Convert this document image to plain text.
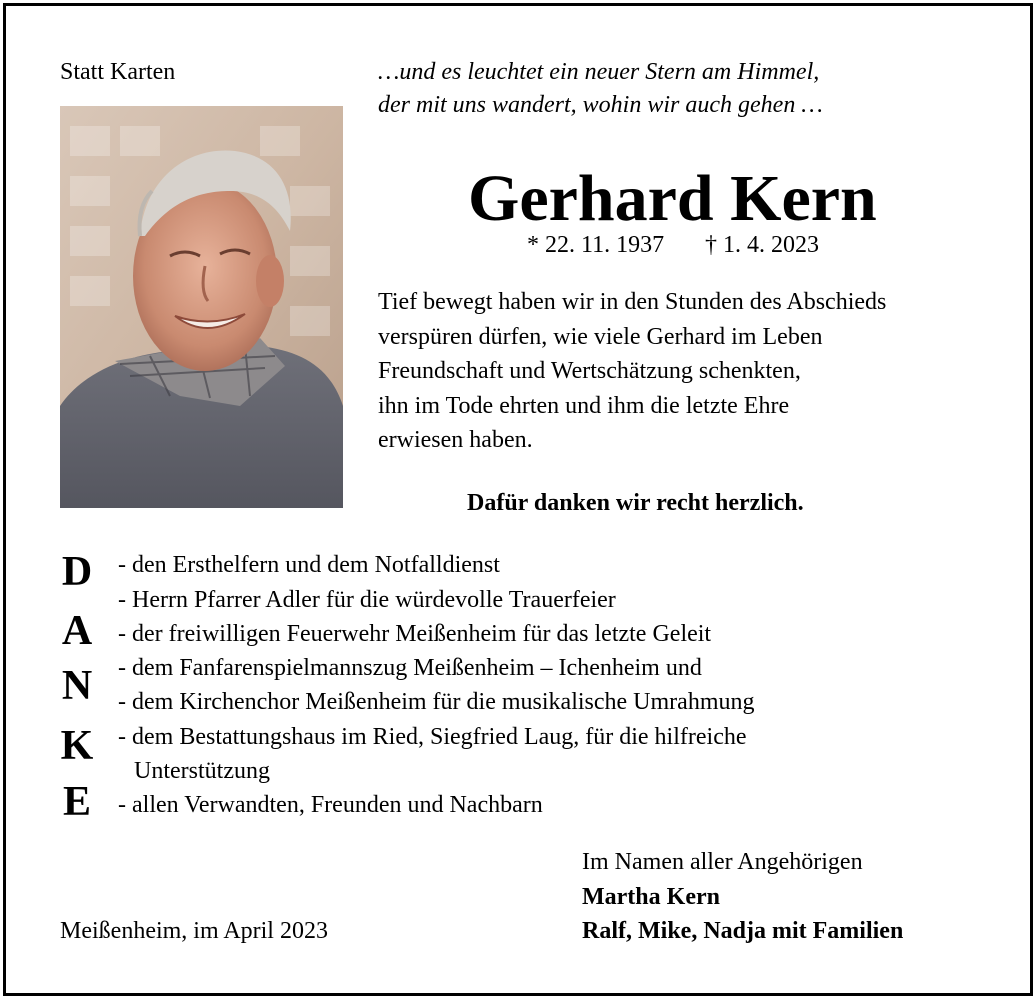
Statt Karten	…und es leuchtet ein neuer Stern am Himmel,
der mit uns wandert, wohin wir auch gehen …
Gerhard Kern
* 22. 11. 1937 † 1. 4. 2023
Tief bewegt haben wir in den Stunden des Abschieds
verspüren dürfen, wie viele Gerhard im Leben
Freundschaft und Wertschätzung schenkten,
ihn im Tode ehrten und ihm die letzte Ehre
erwiesen haben.
Dafür danken wir recht herzlich.
D
A
N
K
E
- den Ersthelfern und dem Notfalldienst
- Herrn Pfarrer Adler für die würdevolle Trauerfeier
- der freiwilligen Feuerwehr Meißenheim für das letzte Geleit
- dem Fanfarenspielmannszug Meißenheim – Ichenheim und
- dem Kirchenchor Meißenheim für die musikalische Umrahmung
- dem Bestattungshaus im Ried, Siegfried Laug, für die hilfreiche
Unterstützung
- allen Verwandten, Freunden und Nachbarn
Im Namen aller Angehörigen
Martha Kern
Meißenheim, im April 2023	Ralf, Mike, Nadja mit Familien
